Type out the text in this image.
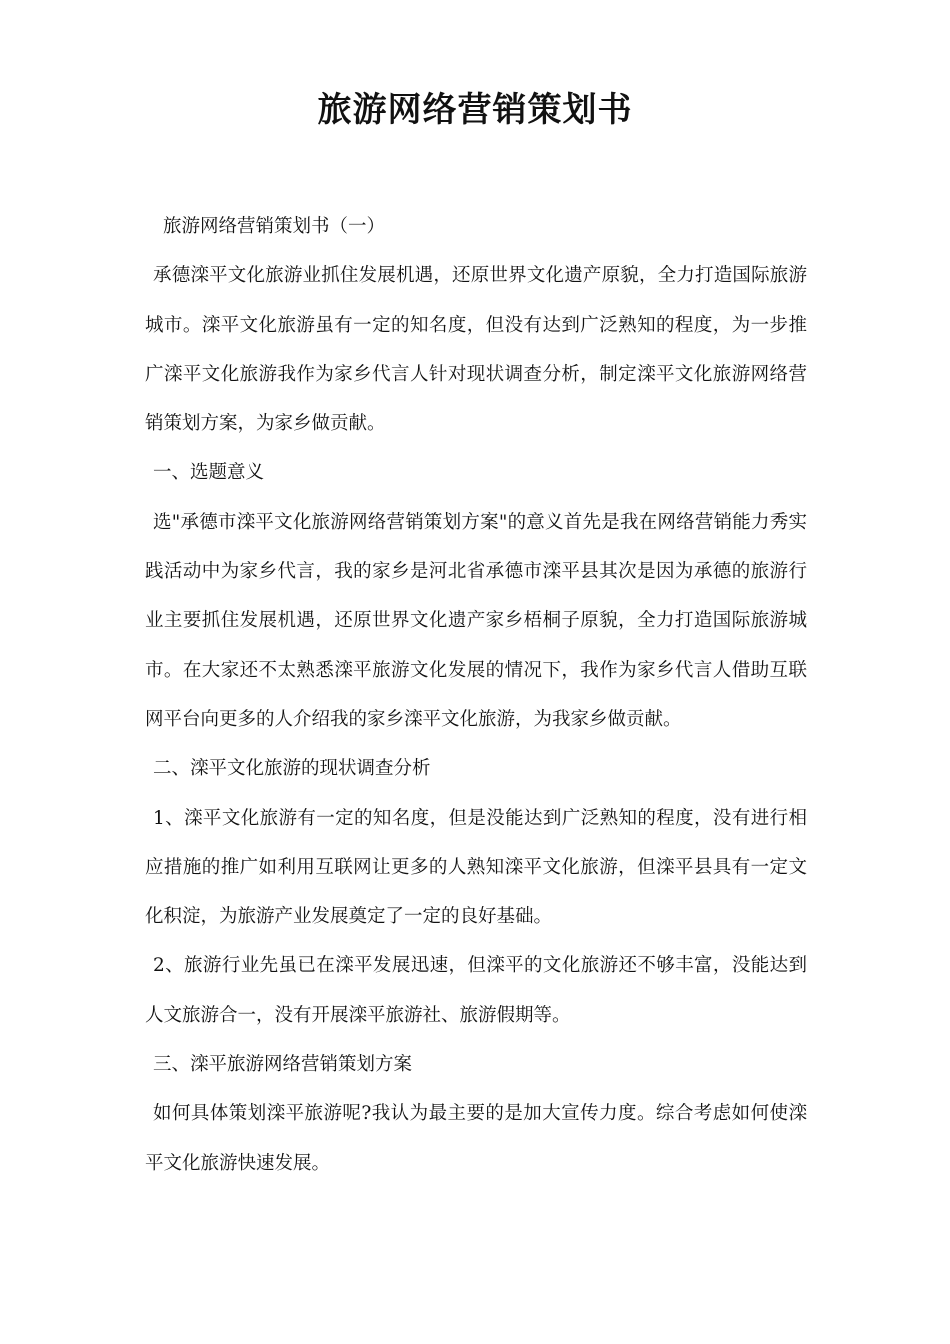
旅游网络营销策划书

旅游网络营销策划书（一）

承德滦平文化旅游业抓住发展机遇，还原世界文化遗产原貌，全力打造国际旅游城市。滦平文化旅游虽有一定的知名度，但没有达到广泛熟知的程度，为一步推广滦平文化旅游我作为家乡代言人针对现状调查分析，制定滦平文化旅游网络营销策划方案，为家乡做贡献。

一、选题意义

选"承德市滦平文化旅游网络营销策划方案"的意义首先是我在网络营销能力秀实践活动中为家乡代言，我的家乡是河北省承德市滦平县其次是因为承德的旅游行业主要抓住发展机遇，还原世界文化遗产家乡梧桐子原貌，全力打造国际旅游城市。在大家还不太熟悉滦平旅游文化发展的情况下，我作为家乡代言人借助互联网平台向更多的人介绍我的家乡滦平文化旅游，为我家乡做贡献。

二、滦平文化旅游的现状调查分析

1、滦平文化旅游有一定的知名度，但是没能达到广泛熟知的程度，没有进行相应措施的推广如利用互联网让更多的人熟知滦平文化旅游，但滦平县具有一定文化积淀，为旅游产业发展奠定了一定的良好基础。

2、旅游行业先虽已在滦平发展迅速，但滦平的文化旅游还不够丰富，没能达到人文旅游合一，没有开展滦平旅游社、旅游假期等。

三、滦平旅游网络营销策划方案

如何具体策划滦平旅游呢?我认为最主要的是加大宣传力度。综合考虑如何使滦平文化旅游快速发展。
